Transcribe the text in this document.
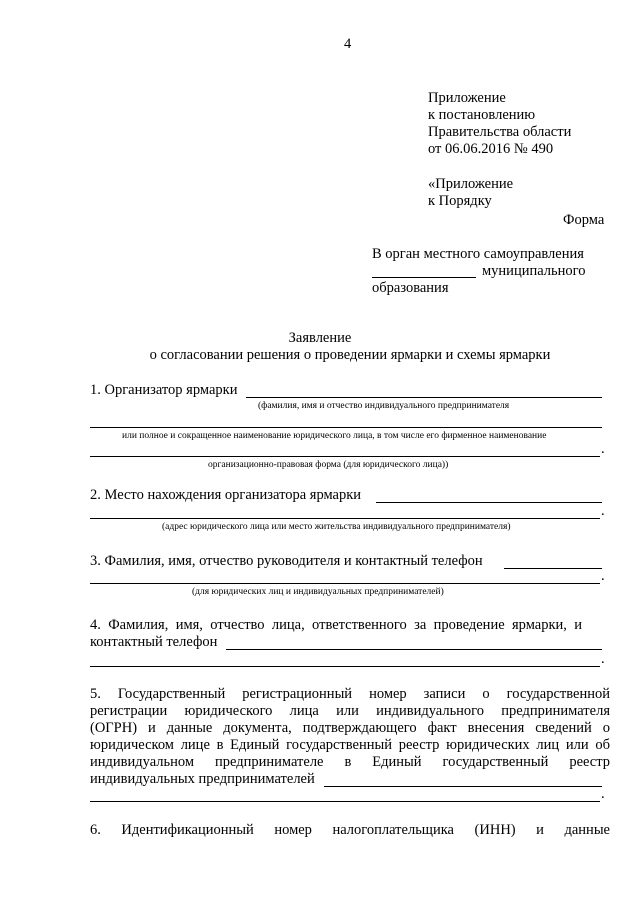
4
Приложение
к постановлению
Правительства области
от 06.06.2016 № 490
«Приложение
к Порядку
Форма
В орган местного самоуправления
муниципального
образования
Заявление
о согласовании решения о проведении ярмарки и схемы ярмарки
1. Организатор ярмарки
(фамилия, имя и отчество индивидуального предпринимателя
или полное и сокращенное наименование юридического лица, в том числе его фирменное наименование
.
организационно-правовая форма (для юридического лица))
2. Место нахождения организатора ярмарки
.
(адрес юридического лица или место жительства индивидуального предпринимателя)
3. Фамилия, имя, отчество руководителя и контактный телефон
.
(для юридических лиц и индивидуальных предпринимателей)
4. Фамилия, имя, отчество лица, ответственного за проведение ярмарки, и
контактный телефон
.
5. Государственный регистрационный номер записи о государственной
регистрации юридического лица или индивидуального предпринимателя
(ОГРН) и данные документа, подтверждающего факт внесения сведений о
юридическом лице в Единый государственный реестр юридических лиц или об
индивидуальном предпринимателе в Единый государственный реестр
индивидуальных предпринимателей
.
6. Идентификационный номер налогоплательщика (ИНН) и данные
